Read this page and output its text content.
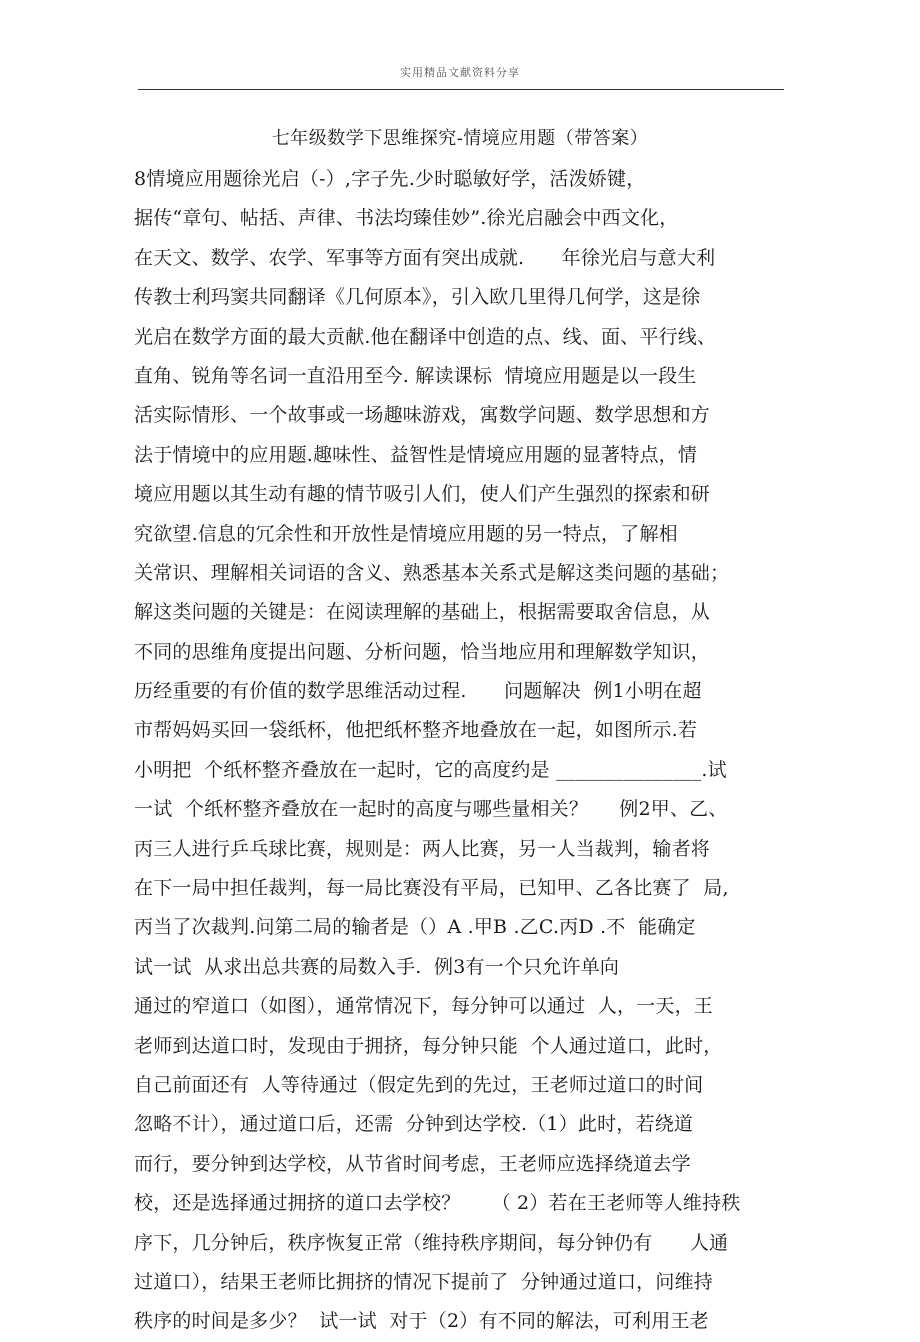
实用精品文献资料分享
七年级数学下思维探究-情境应用题（带答案）
8情境应用题徐光启（-）,字子先.少时聪敏好学，活泼娇键，
据传“章句、帖括、声律、书法均臻佳妙”.徐光启融会中西文化，
在天文、数学、农学、军事等方面有突出成就.      年徐光启与意大利
传教士利玛窦共同翻译《几何原本》，引入欧几里得几何学，这是徐
光启在数学方面的最大贡献.他在翻译中创造的点、线、面、平行线、
直角、锐角等名词一直沿用至今. 解读课标  情境应用题是以一段生
活实际情形、一个故事或一场趣味游戏，寓数学问题、数学思想和方
法于情境中的应用题.趣味性、益智性是情境应用题的显著特点，情
境应用题以其生动有趣的情节吸引人们，使人们产生强烈的探索和研
究欲望.信息的冗余性和开放性是情境应用题的另一特点，了解相
关常识、理解相关词语的含义、熟悉基本关系式是解这类问题的基础；
解这类问题的关键是：在阅读理解的基础上，根据需要取舍信息，从
不同的思维角度提出问题、分析问题，恰当地应用和理解数学知识，
历经重要的有价值的数学思维活动过程.      问题解决  例1小明在超
市帮妈妈买回一袋纸杯，他把纸杯整齐地叠放在一起，如图所示.若
小明把  个纸杯整齐叠放在一起时，它的高度约是 _______________.试
一试  个纸杯整齐叠放在一起时的高度与哪些量相关？     例2甲、乙、
丙三人进行乒乓球比赛，规则是：两人比赛，另一人当裁判，输者将
在下一局中担任裁判，每一局比赛没有平局，已知甲、乙各比赛了  局,
丙当了次裁判.问第二局的输者是（）A .甲B .乙C.丙D .不  能确定
试一试  从求出总共赛的局数入手.  例3有一个只允许单向
通过的窄道口（如图），通常情况下，每分钟可以通过  人，一天，王
老师到达道口时，发现由于拥挤，每分钟只能  个人通过道口，此时，
自己前面还有  人等待通过（假定先到的先过，王老师过道口的时间
忽略不计），通过道口后，还需  分钟到达学校.（1）此时，若绕道
而行，要分钟到达学校，从节省时间考虑，王老师应选择绕道去学
校，还是选择通过拥挤的道口去学校？     （ 2）若在王老师等人维持秩
序下，几分钟后，秩序恢复正常（维持秩序期间，每分钟仍有      人通
过道口），结果王老师比拥挤的情况下提前了  分钟通过道口，问维持
秩序的时间是多少？  试一试  对于（2）有不同的解法，可利用王老
